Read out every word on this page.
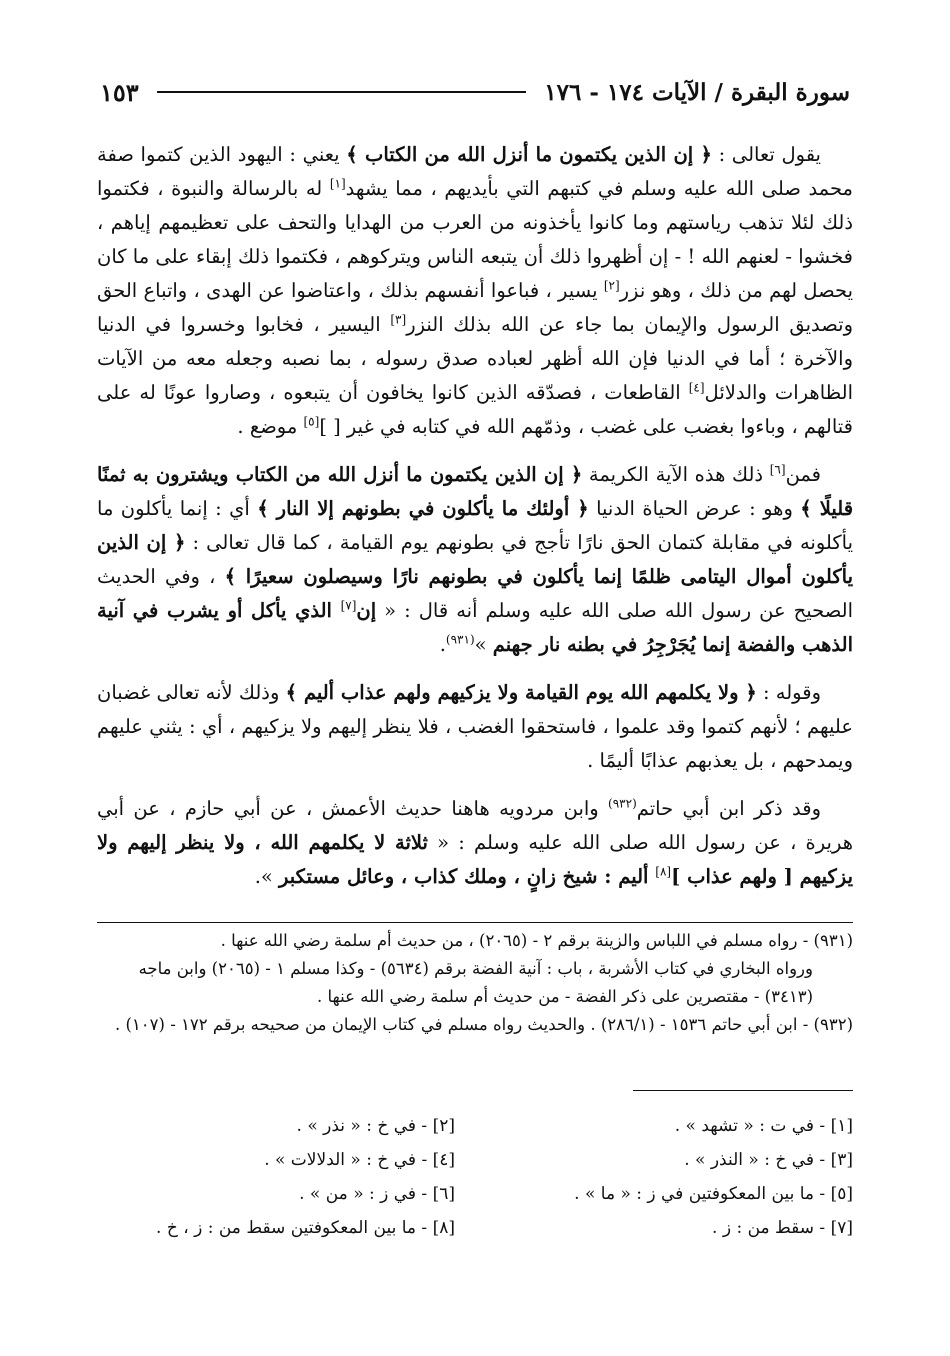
سورة البقرة / الآيات ١٧٤ - ١٧٦
١٥٣

يقول تعالى : ﴿ إن الذين يكتمون ما أنزل الله من الكتاب ﴾ يعني : اليهود الذين كتموا صفة محمد صلى الله عليه وسلم في كتبهم التي بأيديهم ، مما يشهد[١] له بالرسالة والنبوة ، فكتموا ذلك لئلا تذهب رياستهم وما كانوا يأخذونه من العرب من الهدايا والتحف على تعظيمهم إياهم ، فخشوا - لعنهم الله ! - إن أظهروا ذلك أن يتبعه الناس ويتركوهم ، فكتموا ذلك إبقاء على ما كان يحصل لهم من ذلك ، وهو نزر[٢] يسير ، فباعوا أنفسهم بذلك ، واعتاضوا عن الهدى ، واتباع الحق وتصديق الرسول والإيمان بما جاء عن الله بذلك النزر[٣] اليسير ، فخابوا وخسروا في الدنيا والآخرة ؛ أما في الدنيا فإن الله أظهر لعباده صدق رسوله ، بما نصبه وجعله معه من الآيات الظاهرات والدلائل[٤] القاطعات ، فصدّقه الذين كانوا يخافون أن يتبعوه ، وصاروا عونًا له على قتالهم ، وباءوا بغضب على غضب ، وذمّهم الله في كتابه في غير [ ][٥] موضع .

فمن[٦] ذلك هذه الآية الكريمة ﴿ إن الذين يكتمون ما أنزل الله من الكتاب ويشترون به ثمنًا قليلًا ﴾ وهو : عرض الحياة الدنيا ﴿ أولئك ما يأكلون في بطونهم إلا النار ﴾ أي : إنما يأكلون ما يأكلونه في مقابلة كتمان الحق نارًا تأجج في بطونهم يوم القيامة ، كما قال تعالى : ﴿ إن الذين يأكلون أموال اليتامى ظلمًا إنما يأكلون في بطونهم نارًا وسيصلون سعيرًا ﴾ ، وفي الحديث الصحيح عن رسول الله صلى الله عليه وسلم أنه قال : « إن[٧] الذي يأكل أو يشرب في آنية الذهب والفضة إنما يُجَرْجِرُ في بطنه نار جهنم »$^{(٩٣١)}$.

وقوله : ﴿ ولا يكلمهم الله يوم القيامة ولا يزكيهم ولهم عذاب أليم ﴾ وذلك لأنه تعالى غضبان عليهم ؛ لأنهم كتموا وقد علموا ، فاستحقوا الغضب ، فلا ينظر إليهم ولا يزكيهم ، أي : يثني عليهم ويمدحهم ، بل يعذبهم عذابًا أليمًا .

وقد ذكر ابن أبي حاتم$^{(٩٣٢)}$ وابن مردويه هاهنا حديث الأعمش ، عن أبي حازم ، عن أبي هريرة ، عن رسول الله صلى الله عليه وسلم : « ثلاثة لا يكلمهم الله ، ولا ينظر إليهم ولا يزكيهم [ ولهم عذاب ][٨] أليم : شيخ زانٍ ، وملك كذاب ، وعائل مستكبر ».

(٩٣١) - رواه مسلم في اللباس والزينة برقم ٢ - (٢٠٦٥) ، من حديث أم سلمة رضي الله عنها .

ورواه البخاري في كتاب الأشربة ، باب : آنية الفضة برقم (٥٦٣٤) - وكذا مسلم ١ - (٢٠٦٥) وابن ماجه (٣٤١٣) - مقتصرين على ذكر الفضة - من حديث أم سلمة رضي الله عنها .

(٩٣٢) - ابن أبي حاتم ١٥٣٦ - (٢٨٦/١) . والحديث رواه مسلم في كتاب الإيمان من صحيحه برقم ١٧٢ - (١٠٧) .

[١] - في ت : « تشهد » .
[٢] - في خ : « نذر » .
[٣] - في خ : « النذر » .
[٤] - في خ : « الدلالات » .
[٥] - ما بين المعكوفتين في ز : « ما » .
[٦] - في ز : « من » .
[٧] - سقط من : ز .
[٨] - ما بين المعكوفتين سقط من : ز ، خ .
